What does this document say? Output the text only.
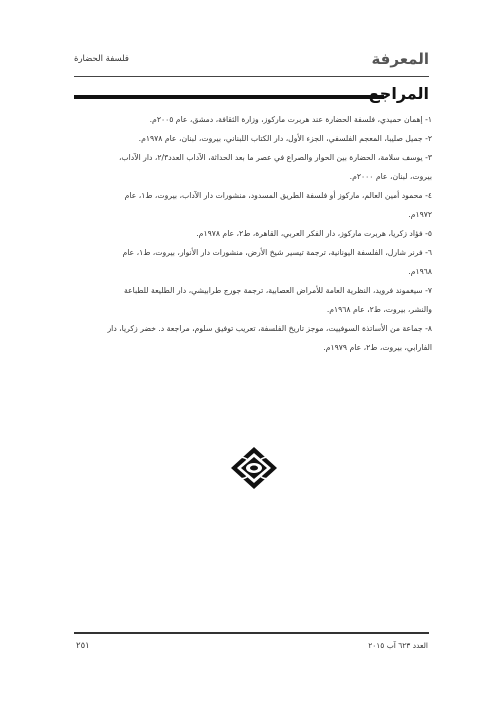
المعرفة
فلسفة الحضارة
المراجع
١- إهمان حميدي، فلسفة الحضارة عند هربرت ماركوز، وزارة الثقافة، دمشق، عام ٢٠٠٥م.
٢- جميل صليبا، المعجم الفلسفي، الجزء الأول، دار الكتاب اللبناني، بيروت، لبنان، عام ١٩٧٨م.
٣- يوسف سلامة، الحضارة بين الحوار والصراع في عصر ما بعد الحداثة، الآداب العدد٢/٣، دار الآداب،
بيروت، لبنان، عام ٢٠٠٠م.
٤- محمود أمين العالم، ماركوز أو فلسفة الطريق المسدود، منشورات دار الآداب، بيروت، ط١، عام
١٩٧٢م.
٥- فؤاد زكريا، هربرت ماركوز، دار الفكر العربي، القاهرة، ط٢، عام ١٩٧٨م.
٦- فرنر شارل، الفلسفة اليونانية، ترجمة تيسير شيخ الأرض، منشورات دار الأنوار، بيروت، ط١، عام
١٩٦٨م.
٧- سيغموند فرويد، النظرية العامة للأمراض العصابية، ترجمة جورج طرابيشي، دار الطليعة للطباعة
والنشر، بيروت، ط٢، عام ١٩٦٨م.
٨- جماعة من الأساتذة السوفييت، موجز تاريخ الفلسفة، تعريب توفيق سلوم، مراجعة د. خضر زكريا، دار
الفارابي، بيروت، ط٢، عام ١٩٧٩م.
٢٥١	العدد ٦٢٣ آب ٢٠١٥
